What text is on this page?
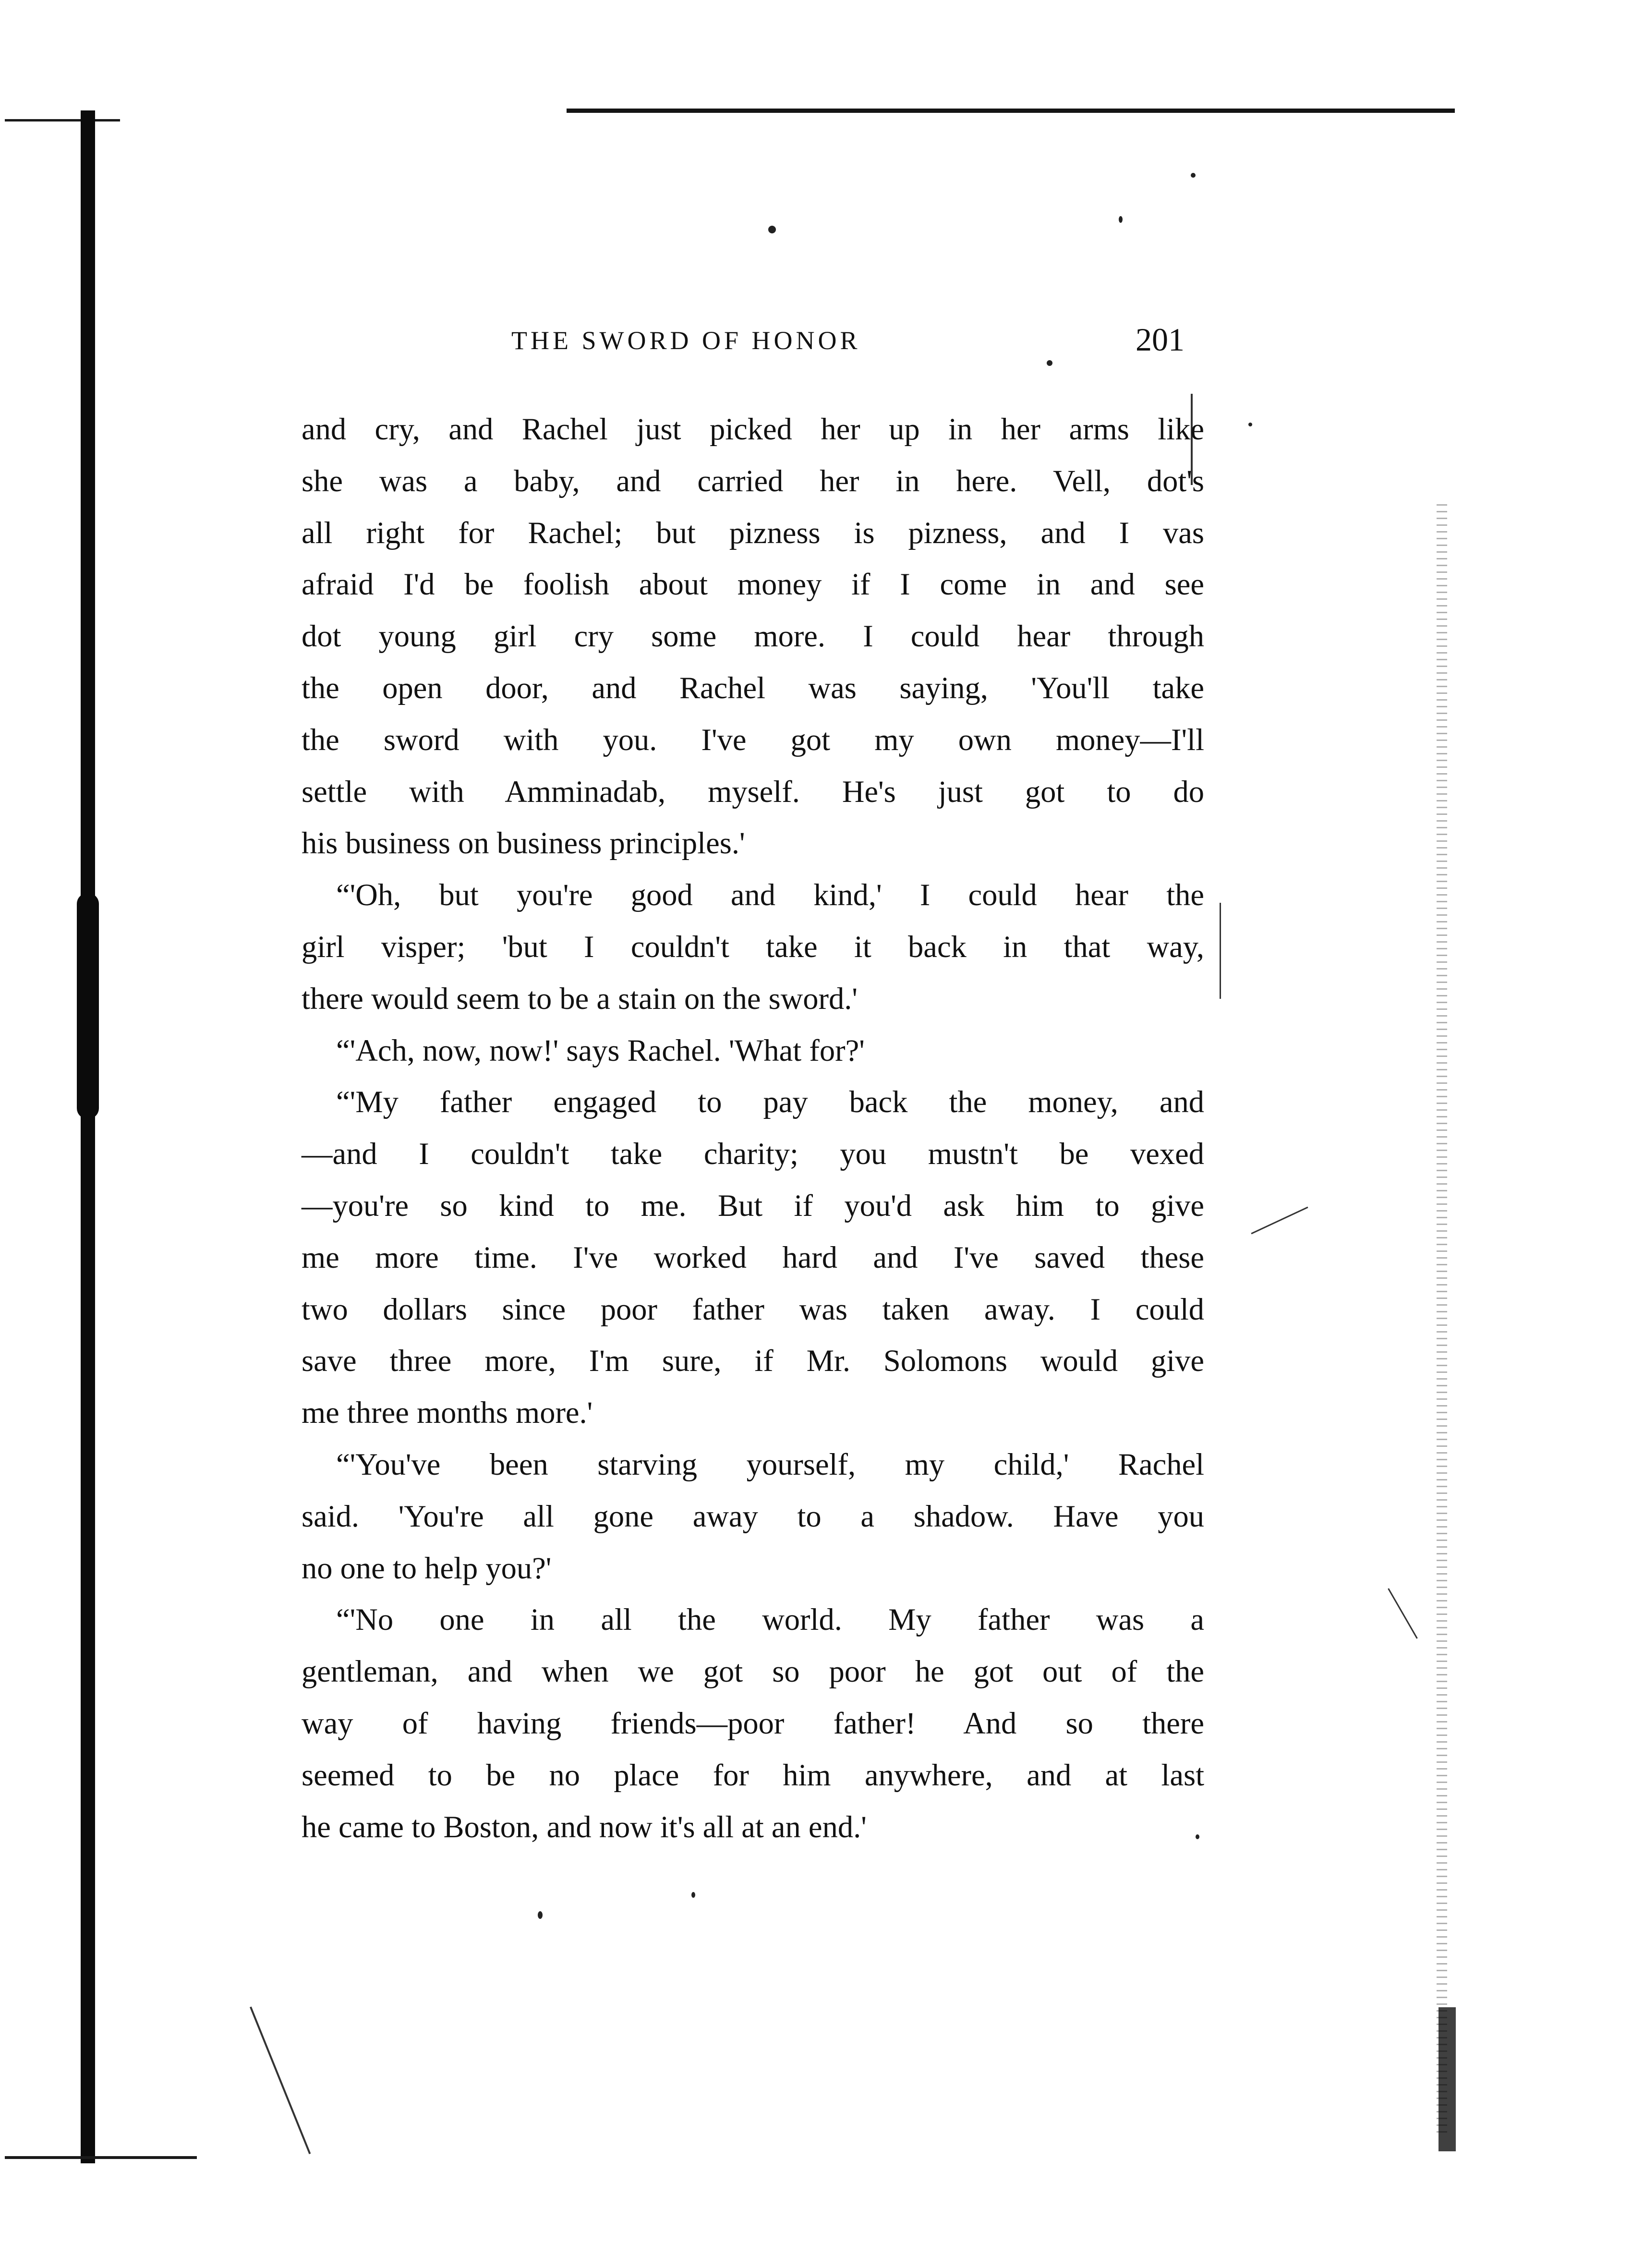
THE SWORD OF HONOR	201
and cry, and Rachel just picked her up in her arms like
she was a baby, and carried her in here. Vell, dot's
all right for Rachel; but pizness is pizness, and I vas
afraid I'd be foolish about money if I come in and see
dot young girl cry some more. I could hear through
the open door, and Rachel was saying, 'You'll take
the sword with you. I've got my own money—I'll
settle with Amminadab, myself. He's just got to do
his business on business principles.'
“'Oh, but you're good and kind,' I could hear the
girl visper; 'but I couldn't take it back in that way,
there would seem to be a stain on the sword.'
“'Ach, now, now!' says Rachel. 'What for?'
“'My father engaged to pay back the money, and
—and I couldn't take charity; you mustn't be vexed
—you're so kind to me. But if you'd ask him to give
me more time. I've worked hard and I've saved these
two dollars since poor father was taken away. I could
save three more, I'm sure, if Mr. Solomons would give
me three months more.'
“'You've been starving yourself, my child,' Rachel
said. 'You're all gone away to a shadow. Have you
no one to help you?'
“'No one in all the world. My father was a
gentleman, and when we got so poor he got out of the
way of having friends—poor father! And so there
seemed to be no place for him anywhere, and at last
he came to Boston, and now it's all at an end.'
